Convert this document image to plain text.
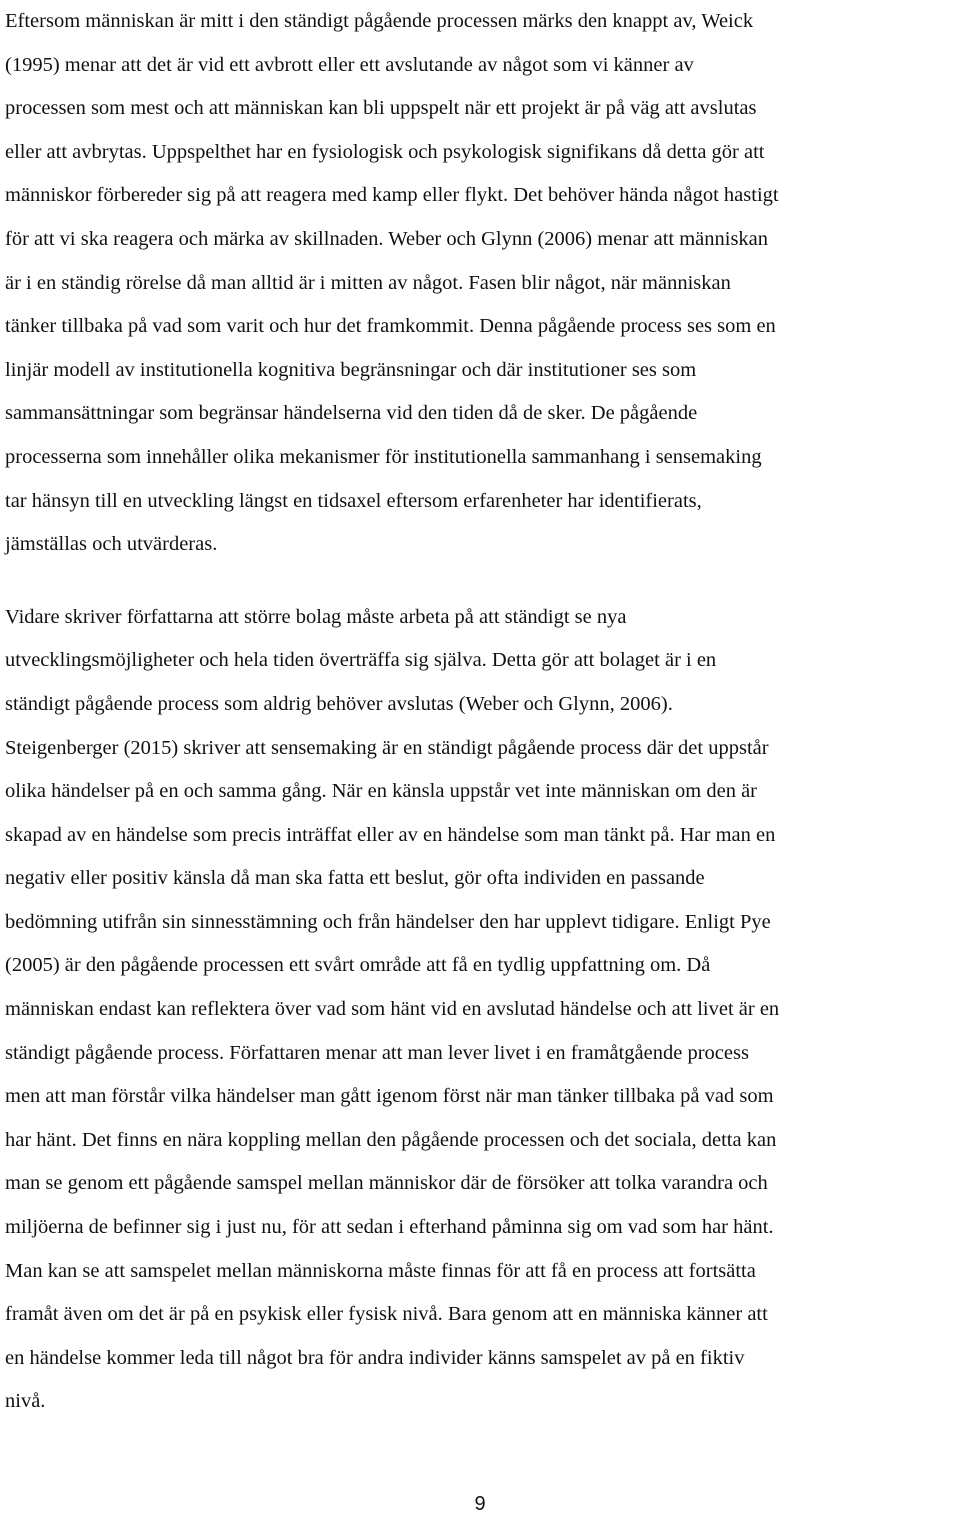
Eftersom människan är mitt i den ständigt pågående processen märks den knappt av, Weick
(1995) menar att det är vid ett avbrott eller ett avslutande av något som vi känner av
processen som mest och att människan kan bli uppspelt när ett projekt är på väg att avslutas
eller att avbrytas. Uppspelthet har en fysiologisk och psykologisk signifikans då detta gör att
människor förbereder sig på att reagera med kamp eller flykt. Det behöver hända något hastigt
för att vi ska reagera och märka av skillnaden. Weber och Glynn (2006) menar att människan
är i en ständig rörelse då man alltid är i mitten av något. Fasen blir något, när människan
tänker tillbaka på vad som varit och hur det framkommit. Denna pågående process ses som en
linjär modell av institutionella kognitiva begränsningar och där institutioner ses som
sammansättningar som begränsar händelserna vid den tiden då de sker. De pågående
processerna som innehåller olika mekanismer för institutionella sammanhang i sensemaking
tar hänsyn till en utveckling längst en tidsaxel eftersom erfarenheter har identifierats,
jämställas och utvärderas.

Vidare skriver författarna att större bolag måste arbeta på att ständigt se nya
utvecklingsmöjligheter och hela tiden överträffa sig själva. Detta gör att bolaget är i en
ständigt pågående process som aldrig behöver avslutas (Weber och Glynn, 2006).
Steigenberger (2015) skriver att sensemaking är en ständigt pågående process där det uppstår
olika händelser på en och samma gång. När en känsla uppstår vet inte människan om den är
skapad av en händelse som precis inträffat eller av en händelse som man tänkt på. Har man en
negativ eller positiv känsla då man ska fatta ett beslut, gör ofta individen en passande
bedömning utifrån sin sinnesstämning och från händelser den har upplevt tidigare. Enligt Pye
(2005) är den pågående processen ett svårt område att få en tydlig uppfattning om. Då
människan endast kan reflektera över vad som hänt vid en avslutad händelse och att livet är en
ständigt pågående process. Författaren menar att man lever livet i en framåtgående process
men att man förstår vilka händelser man gått igenom först när man tänker tillbaka på vad som
har hänt. Det finns en nära koppling mellan den pågående processen och det sociala, detta kan
man se genom ett pågående samspel mellan människor där de försöker att tolka varandra och
miljöerna de befinner sig i just nu, för att sedan i efterhand påminna sig om vad som har hänt.
Man kan se att samspelet mellan människorna måste finnas för att få en process att fortsätta
framåt även om det är på en psykisk eller fysisk nivå. Bara genom att en människa känner att
en händelse kommer leda till något bra för andra individer känns samspelet av på en fiktiv
nivå.

9
